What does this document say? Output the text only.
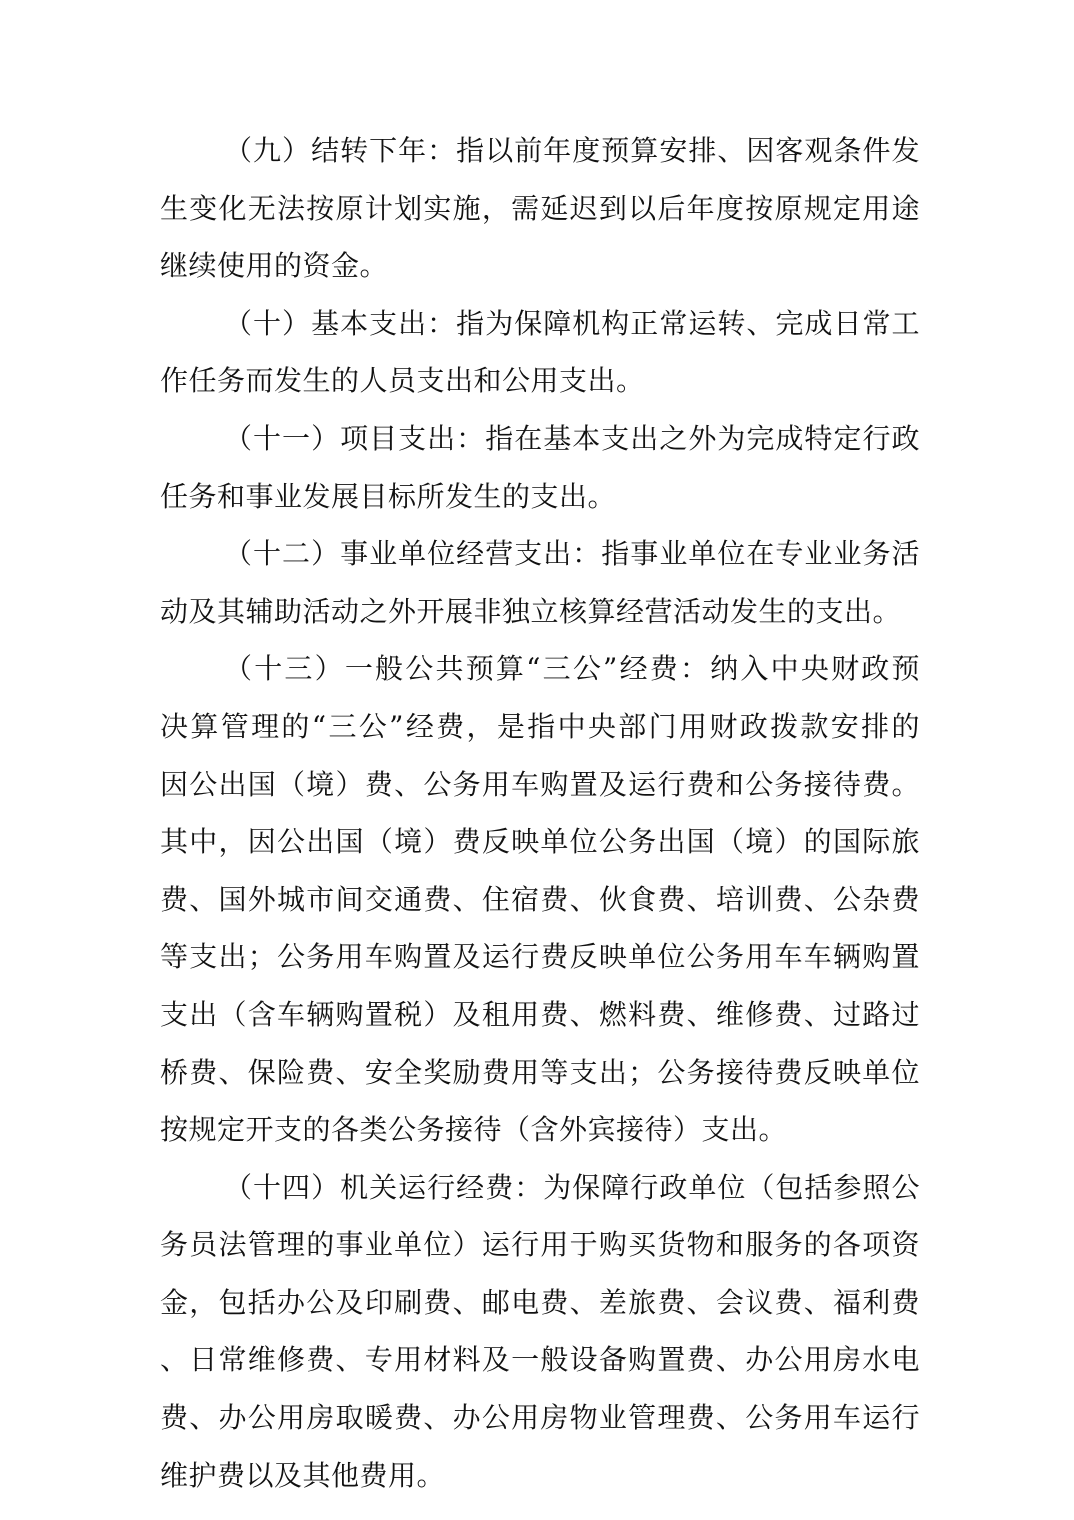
（九）结转下年：指以前年度预算安排、因客观条件发
生变化无法按原计划实施，需延迟到以后年度按原规定用途
继续使用的资金。
（十）基本支出：指为保障机构正常运转、完成日常工
作任务而发生的人员支出和公用支出。
（十一）项目支出：指在基本支出之外为完成特定行政
任务和事业发展目标所发生的支出。
（十二）事业单位经营支出：指事业单位在专业业务活
动及其辅助活动之外开展非独立核算经营活动发生的支出。
（十三）一般公共预算“三公”经费：纳入中央财政预
决算管理的“三公”经费，是指中央部门用财政拨款安排的
因公出国（境）费、公务用车购置及运行费和公务接待费。
其中，因公出国（境）费反映单位公务出国（境）的国际旅
费、国外城市间交通费、住宿费、伙食费、培训费、公杂费
等支出；公务用车购置及运行费反映单位公务用车车辆购置
支出（含车辆购置税）及租用费、燃料费、维修费、过路过
桥费、保险费、安全奖励费用等支出；公务接待费反映单位
按规定开支的各类公务接待（含外宾接待）支出。
（十四）机关运行经费：为保障行政单位（包括参照公
务员法管理的事业单位）运行用于购买货物和服务的各项资
金，包括办公及印刷费、邮电费、差旅费、会议费、福利费
、日常维修费、专用材料及一般设备购置费、办公用房水电
费、办公用房取暖费、办公用房物业管理费、公务用车运行
维护费以及其他费用。
